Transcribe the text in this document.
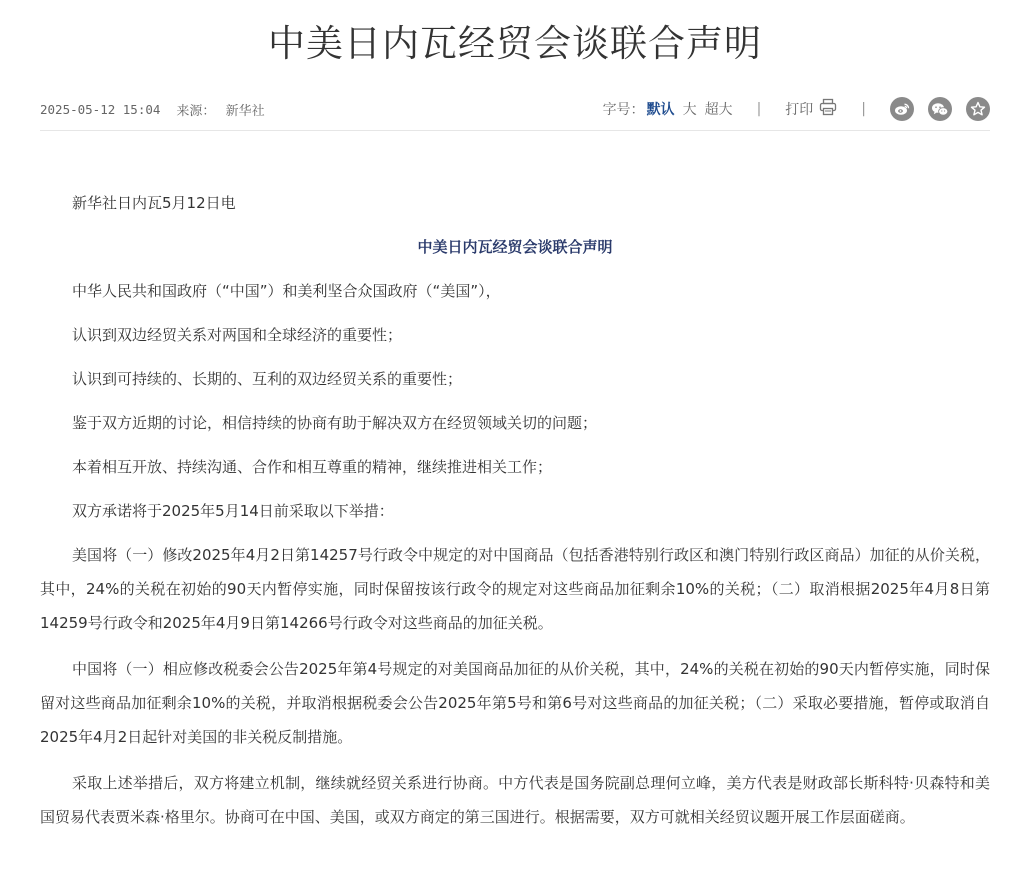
中美日内瓦经贸会谈联合声明
2025-05-12 15:04 来源： 新华社	字号： 默认 大 超大 | 打印	|

新华社日内瓦5月12日电

中美日内瓦经贸会谈联合声明

中华人民共和国政府（“中国”）和美利坚合众国政府（“美国”），

认识到双边经贸关系对两国和全球经济的重要性；

认识到可持续的、长期的、互利的双边经贸关系的重要性；

鉴于双方近期的讨论，相信持续的协商有助于解决双方在经贸领域关切的问题；

本着相互开放、持续沟通、合作和相互尊重的精神，继续推进相关工作；

双方承诺将于2025年5月14日前采取以下举措：

美国将（一）修改2025年4月2日第14257号行政令中规定的对中国商品（包括香港特别行政区和澳门特别行政区商品）加征的从价关税，其中，24%的关税在初始的90天内暂停实施，同时保留按该行政令的规定对这些商品加征剩余10%的关税；（二）取消根据2025年4月8日第14259号行政令和2025年4月9日第14266号行政令对这些商品的加征关税。

中国将（一）相应修改税委会公告2025年第4号规定的对美国商品加征的从价关税，其中，24%的关税在初始的90天内暂停实施，同时保留对这些商品加征剩余10%的关税，并取消根据税委会公告2025年第5号和第6号对这些商品的加征关税；（二）采取必要措施，暂停或取消自2025年4月2日起针对美国的非关税反制措施。

采取上述举措后，双方将建立机制，继续就经贸关系进行协商。中方代表是国务院副总理何立峰，美方代表是财政部长斯科特·贝森特和美国贸易代表贾米森·格里尔。协商可在中国、美国，或双方商定的第三国进行。根据需要，双方可就相关经贸议题开展工作层面磋商。
